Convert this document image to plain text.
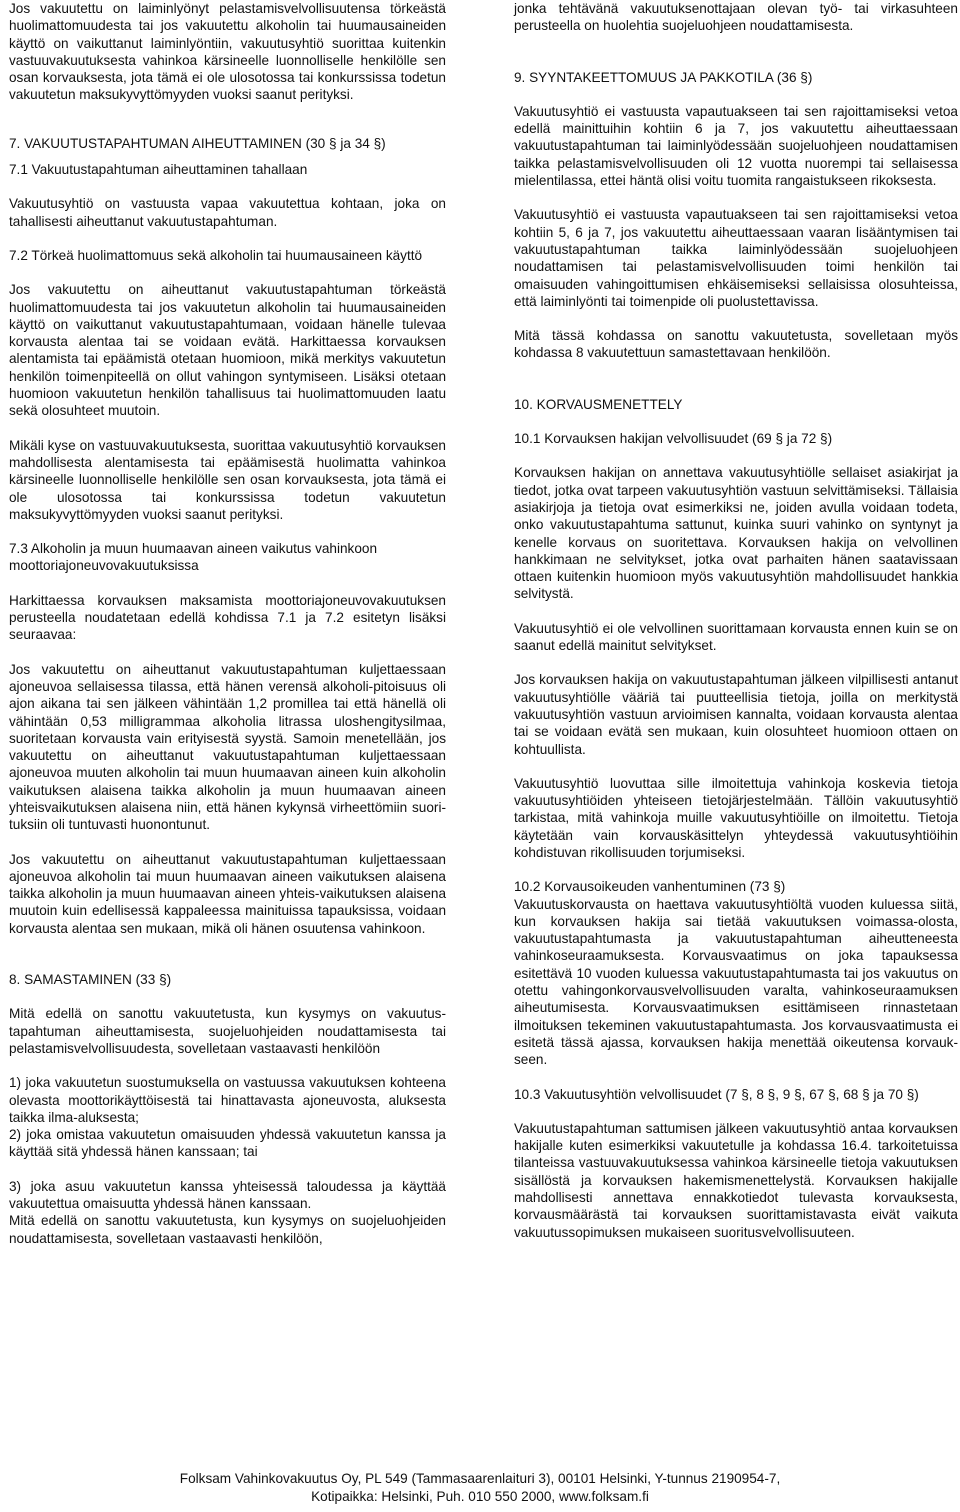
Jos vakuutettu on laiminlyönyt pelastamisvelvollisuutensa törkeästä huolimattomuudesta tai jos vakuutettu alkoholin tai huumausaineiden käyttö on vaikuttanut laiminlyöntiin, vakuutusyhtiö suorittaa kuitenkin vastuuvakuutuksesta vahinkoa kärsineelle luonnolliselle henkilölle sen osan korvauksesta, jota tämä ei ole ulosotossa tai konkurssissa todetun vakuutetun maksukyvyttömyyden vuoksi saanut perityksi.

7. VAKUUTUSTAPAHTUMAN AIHEUTTAMINEN (30 § ja 34 §)
7.1 Vakuutustapahtuman aiheuttaminen tahallaan

Vakuutusyhtiö on vastuusta vapaa vakuutettua kohtaan, joka on tahallisesti aiheuttanut vakuutustapahtuman.

7.2 Törkeä huolimattomuus sekä alkoholin tai huumausaineen käyttö

Jos vakuutettu on aiheuttanut vakuutustapahtuman törkeästä huolimattomuudesta tai jos vakuutetun alkoholin tai huumausaineiden käyttö on vaikuttanut vakuutustapahtumaan, voidaan hänelle tulevaa korvausta alentaa tai se voidaan evätä. Harkittaessa korvauksen alentamista tai epäämistä otetaan huomioon, mikä merkitys vakuutetun henkilön toimenpiteellä on ollut vahingon syntymiseen. Lisäksi otetaan huomioon vakuutetun henkilön tahallisuus tai huolimattomuuden laatu sekä olosuhteet muutoin.

Mikäli kyse on vastuuvakuutuksesta, suorittaa vakuutusyhtiö korvauksen mahdollisesta alentamisesta tai epäämisestä huolimatta vahinkoa kärsineelle luonnolliselle henkilölle sen osan korvauksesta, jota tämä ei ole ulosotossa tai konkurssissa todetun vakuutetun maksukyvyttömyyden vuoksi saanut perityksi.

7.3 Alkoholin ja muun huumaavan aineen vaikutus vahinkoon moottoriajoneuvovakuutuksissa

Harkittaessa korvauksen maksamista moottoriajoneuvovakuutuksen perusteella noudatetaan edellä kohdissa 7.1 ja 7.2 esitetyn lisäksi seuraavaa:

Jos vakuutettu on aiheuttanut vakuutustapahtuman kuljettaessaan ajoneuvoa sellaisessa tilassa, että hänen verensä alkoholi-pitoisuus oli ajon aikana tai sen jälkeen vähintään 1,2 promillea tai että hänellä oli vähintään 0,53 milligrammaa alkoholia litrassa uloshengitysilmaa, suoritetaan korvausta vain erityisestä syystä. Samoin menetellään, jos vakuutettu on aiheuttanut vakuutustapahtuman kuljettaessaan ajoneuvoa muuten alkoholin tai muun huumaavan aineen kuin alkoholin vaikutuksen alaisena taikka alkoholin ja muun huumaavan aineen yhteisvaikutuksen alaisena niin, että hänen kykynsä virheettömiin suorituksiin oli tuntuvasti huonontunut.

Jos vakuutettu on aiheuttanut vakuutustapahtuman kuljettaessaan ajoneuvoa alkoholin tai muun huumaavan aineen vaikutuksen alaisena taikka alkoholin ja muun huumaavan aineen yhteis-vaikutuksen alaisena muutoin kuin edellisessä kappaleessa mainituissa tapauksissa, voidaan korvausta alentaa sen mukaan, mikä oli hänen osuutensa vahinkoon.

8. SAMASTAMINEN (33 §)

Mitä edellä on sanottu vakuutetusta, kun kysymys on vakuutustapahtuman aiheuttamisesta, suojeluohjeiden noudattamisesta tai pelastamisvelvollisuudesta, sovelletaan vastaavasti henkilöön

1) joka vakuutetun suostumuksella on vastuussa vakuutuksen kohteena olevasta moottorikäyttöisestä tai hinattavasta ajoneuvosta, aluksesta taikka ilma-aluksesta;

2) joka omistaa vakuutetun omaisuuden yhdessä vakuutetun kanssa ja käyttää sitä yhdessä hänen kanssaan; tai

3) joka asuu vakuutetun kanssa yhteisessä taloudessa ja käyttää vakuutettua omaisuutta yhdessä hänen kanssaan.

Mitä edellä on sanottu vakuutetusta, kun kysymys on suojeluohjeiden noudattamisesta, sovelletaan vastaavasti henkilöön,

jonka tehtävänä vakuutuksenottajaan olevan työ- tai virkasuhteen perusteella on huolehtia suojeluohjeen noudattamisesta.

9. SYYNTAKEETTOMUUS JA PAKKOTILA (36 §)

Vakuutusyhtiö ei vastuusta vapautuakseen tai sen rajoittamiseksi vetoa edellä mainittuihin kohtiin 6 ja 7, jos vakuutettu aiheuttaessaan vakuutustapahtuman tai laiminlyödessään suojeluohjeen noudattamisen taikka pelastamisvelvollisuuden oli 12 vuotta nuorempi tai sellaisessa mielentilassa, ettei häntä olisi voitu tuomita rangaistukseen rikoksesta.

Vakuutusyhtiö ei vastuusta vapautuakseen tai sen rajoittamiseksi vetoa kohtiin 5, 6 ja 7, jos vakuutettu aiheuttaessaan vaaran lisääntymisen tai vakuutustapahtuman taikka laiminlyödessään suojeluohjeen noudattamisen tai pelastamisvelvollisuuden toimi henkilön tai omaisuuden vahingoittumisen ehkäisemiseksi sellaisissa olosuhteissa, että laiminlyönti tai toimenpide oli puolustettavissa.

Mitä tässä kohdassa on sanottu vakuutetusta, sovelletaan myös kohdassa 8 vakuutettuun samastettavaan henkilöön.

10. KORVAUSMENETTELY
10.1 Korvauksen hakijan velvollisuudet (69 § ja 72 §)

Korvauksen hakijan on annettava vakuutusyhtiölle sellaiset asiakirjat ja tiedot, jotka ovat tarpeen vakuutusyhtiön vastuun selvittämiseksi. Tällaisia asiakirjoja ja tietoja ovat esimerkiksi ne, joiden avulla voidaan todeta, onko vakuutustapahtuma sattunut, kuinka suuri vahinko on syntynyt ja kenelle korvaus on suoritettava. Korvauksen hakija on velvollinen hankkimaan ne selvitykset, jotka ovat parhaiten hänen saatavissaan ottaen kuitenkin huomioon myös vakuutusyhtiön mahdollisuudet hankkia selvitystä.

Vakuutusyhtiö ei ole velvollinen suorittamaan korvausta ennen kuin se on saanut edellä mainitut selvitykset.

Jos korvauksen hakija on vakuutustapahtuman jälkeen vilpillisesti antanut vakuutusyhtiölle vääriä tai puutteellisia tietoja, joilla on merkitystä vakuutusyhtiön vastuun arvioimisen kannalta, voidaan korvausta alentaa tai se voidaan evätä sen mukaan, kuin olosuhteet huomioon ottaen on kohtuullista.

Vakuutusyhtiö luovuttaa sille ilmoitettuja vahinkoja koskevia tietoja vakuutusyhtiöiden yhteiseen tietojärjestelmään. Tällöin vakuutusyhtiö tarkistaa, mitä vahinkoja muille vakuutusyhtiöille on ilmoitettu. Tietoja käytetään vain korvauskäsittelyn yhteydessä vakuutusyhtiöihin kohdistuvan rikollisuuden torjumiseksi.

10.2 Korvausoikeuden vanhentuminen (73 §)

Vakuutuskorvausta on haettava vakuutusyhtiöltä vuoden kuluessa siitä, kun korvauksen hakija sai tietää vakuutuksen voimassa-olosta, vakuutustapahtumasta ja vakuutustapahtuman aiheutteneesta vahinkoseuraamuksesta. Korvausvaatimus on joka tapauksessa esitettävä 10 vuoden kuluessa vakuutustapahtumasta tai jos vakuutus on otettu vahingonkorvausvelvollisuuden varalta, vahinkoseuraamuksen aiheutumisesta. Korvausvaatimuksen esittämiseen rinnastetaan ilmoituksen tekeminen vakuutustapahtumasta. Jos korvausvaatimusta ei esitetä tässä ajassa, korvauksen hakija menettää oikeutensa korvaukseen.

10.3 Vakuutusyhtiön velvollisuudet (7 §, 8 §, 9 §, 67 §, 68 § ja 70 §)

Vakuutustapahtuman sattumisen jälkeen vakuutusyhtiö antaa korvauksen hakijalle kuten esimerkiksi vakuutetulle ja kohdassa 16.4. tarkoitetuissa tilanteissa vastuuvakuutuksessa vahinkoa kärsineelle tietoja vakuutuksen sisällöstä ja korvauksen hakemismenettelystä. Korvauksen hakijalle mahdollisesti annettava ennakkotiedot tulevasta korvauksesta, korvausmäärästä tai korvauksen suorittamistavasta eivät vaikuta vakuutussopimuksen mukaiseen suoritusvelvollisuuteen.

Folksam Vahinkovakuutus Oy, PL 549 (Tammasaarenlaituri 3), 00101 Helsinki, Y-tunnus 2190954-7,
Kotipaikka: Helsinki, Puh. 010 550 2000, www.folksam.fi
